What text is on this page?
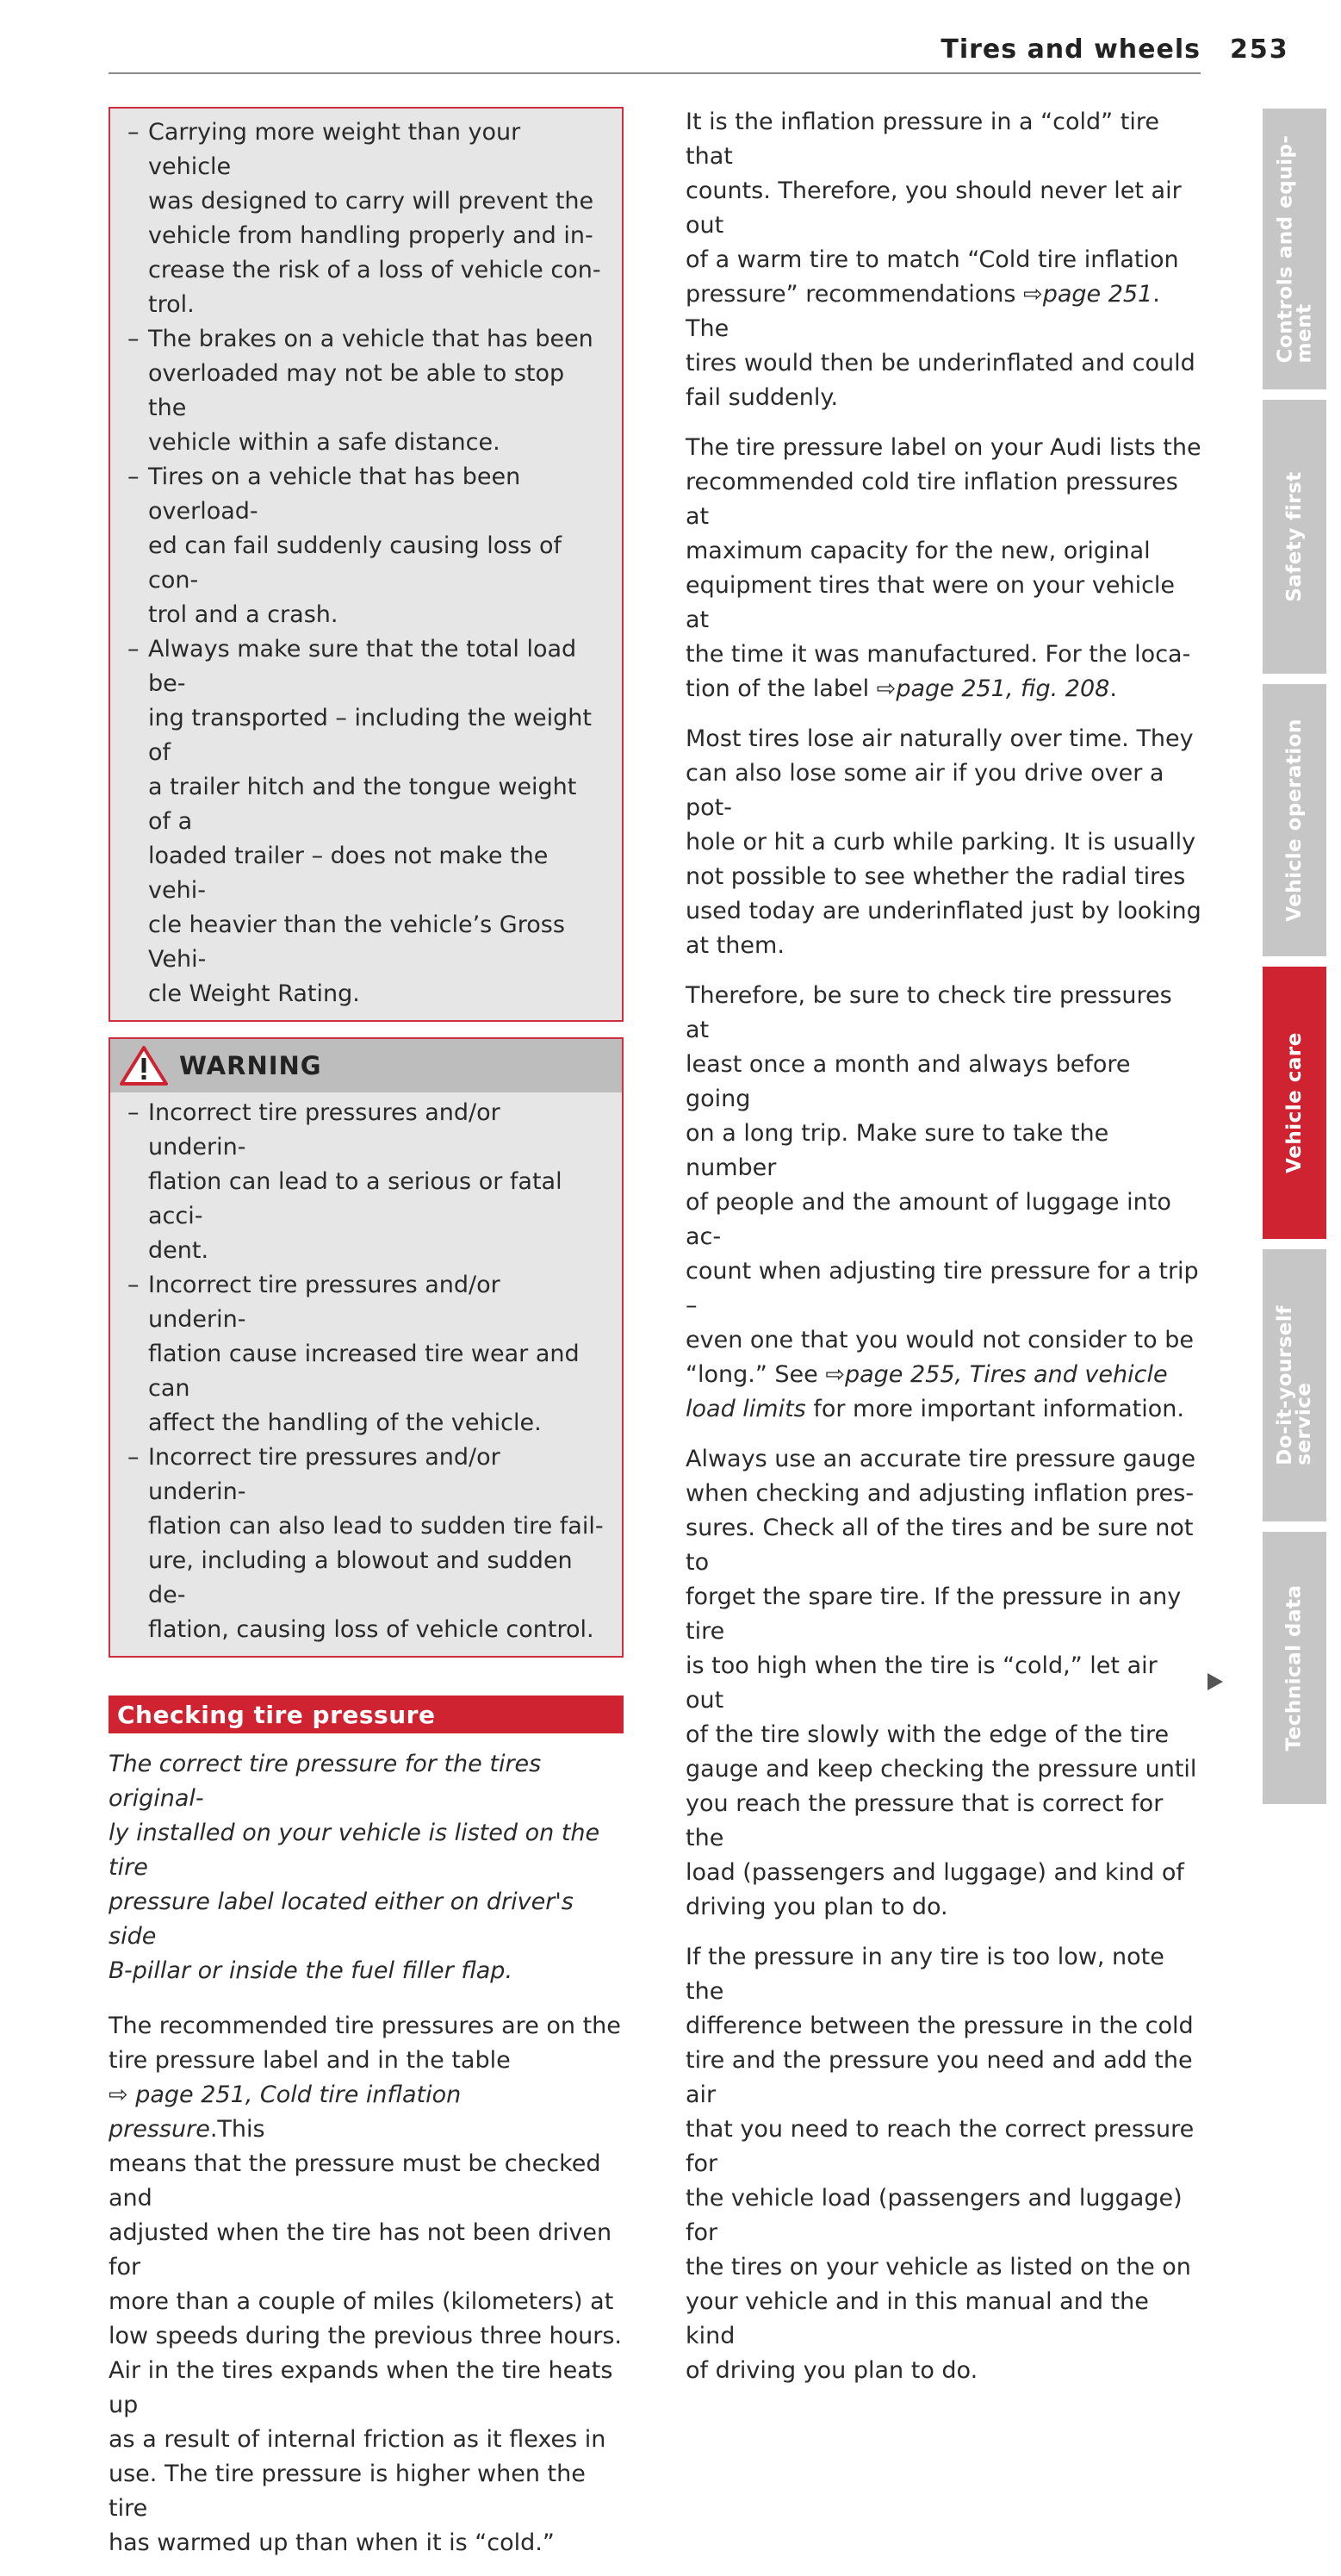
Tires and wheels 253
– Carrying more weight than your vehicle
was designed to carry will prevent the
vehicle from handling properly and in-
crease the risk of a loss of vehicle con-
trol.
– The brakes on a vehicle that has been
overloaded may not be able to stop the
vehicle within a safe distance.
– Tires on a vehicle that has been overload-
ed can fail suddenly causing loss of con-
trol and a crash.
– Always make sure that the total load be-
ing transported – including the weight of
a trailer hitch and the tongue weight of a
loaded trailer – does not make the vehi-
cle heavier than the vehicle’s Gross Vehi-
cle Weight Rating.
WARNING
– Incorrect tire pressures and/or underin-
flation can lead to a serious or fatal acci-
dent.
– Incorrect tire pressures and/or underin-
flation cause increased tire wear and can
affect the handling of the vehicle.
– Incorrect tire pressures and/or underin-
flation can also lead to sudden tire fail-
ure, including a blowout and sudden de-
flation, causing loss of vehicle control.
Checking tire pressure
The correct tire pressure for the tires original-
ly installed on your vehicle is listed on the tire
pressure label located either on driver's side
B-pillar or inside the fuel filler flap.
The recommended tire pressures are on the
tire pressure label and in the table
⇨ page 251, Cold tire inflation pressure.This
means that the pressure must be checked and
adjusted when the tire has not been driven for
more than a couple of miles (kilometers) at
low speeds during the previous three hours.
Air in the tires expands when the tire heats up
as a result of internal friction as it flexes in
use. The tire pressure is higher when the tire
has warmed up than when it is “cold.”
It is the inflation pressure in a “cold” tire that
counts. Therefore, you should never let air out
of a warm tire to match “Cold tire inflation
pressure” recommendations ⇨page 251. The
tires would then be underinflated and could
fail suddenly.
The tire pressure label on your Audi lists the
recommended cold tire inflation pressures at
maximum capacity for the new, original
equipment tires that were on your vehicle at
the time it was manufactured. For the loca-
tion of the label ⇨page 251, fig. 208.
Most tires lose air naturally over time. They
can also lose some air if you drive over a pot-
hole or hit a curb while parking. It is usually
not possible to see whether the radial tires
used today are underinflated just by looking
at them.
Therefore, be sure to check tire pressures at
least once a month and always before going
on a long trip. Make sure to take the number
of people and the amount of luggage into ac-
count when adjusting tire pressure for a trip –
even one that you would not consider to be
“long.” See ⇨page 255, Tires and vehicle
load limits for more important information.
Always use an accurate tire pressure gauge
when checking and adjusting inflation pres-
sures. Check all of the tires and be sure not to
forget the spare tire. If the pressure in any tire
is too high when the tire is “cold,” let air out
of the tire slowly with the edge of the tire
gauge and keep checking the pressure until
you reach the pressure that is correct for the
load (passengers and luggage) and kind of
driving you plan to do.
If the pressure in any tire is too low, note the
difference between the pressure in the cold
tire and the pressure you need and add the air
that you need to reach the correct pressure for
the vehicle load (passengers and luggage) for
the tires on your vehicle as listed on the on
your vehicle and in this manual and the kind
of driving you plan to do.
Controls and equip-
ment
Safety first
Vehicle operation
Vehicle care
Do-it-yourself
service
Technical data
